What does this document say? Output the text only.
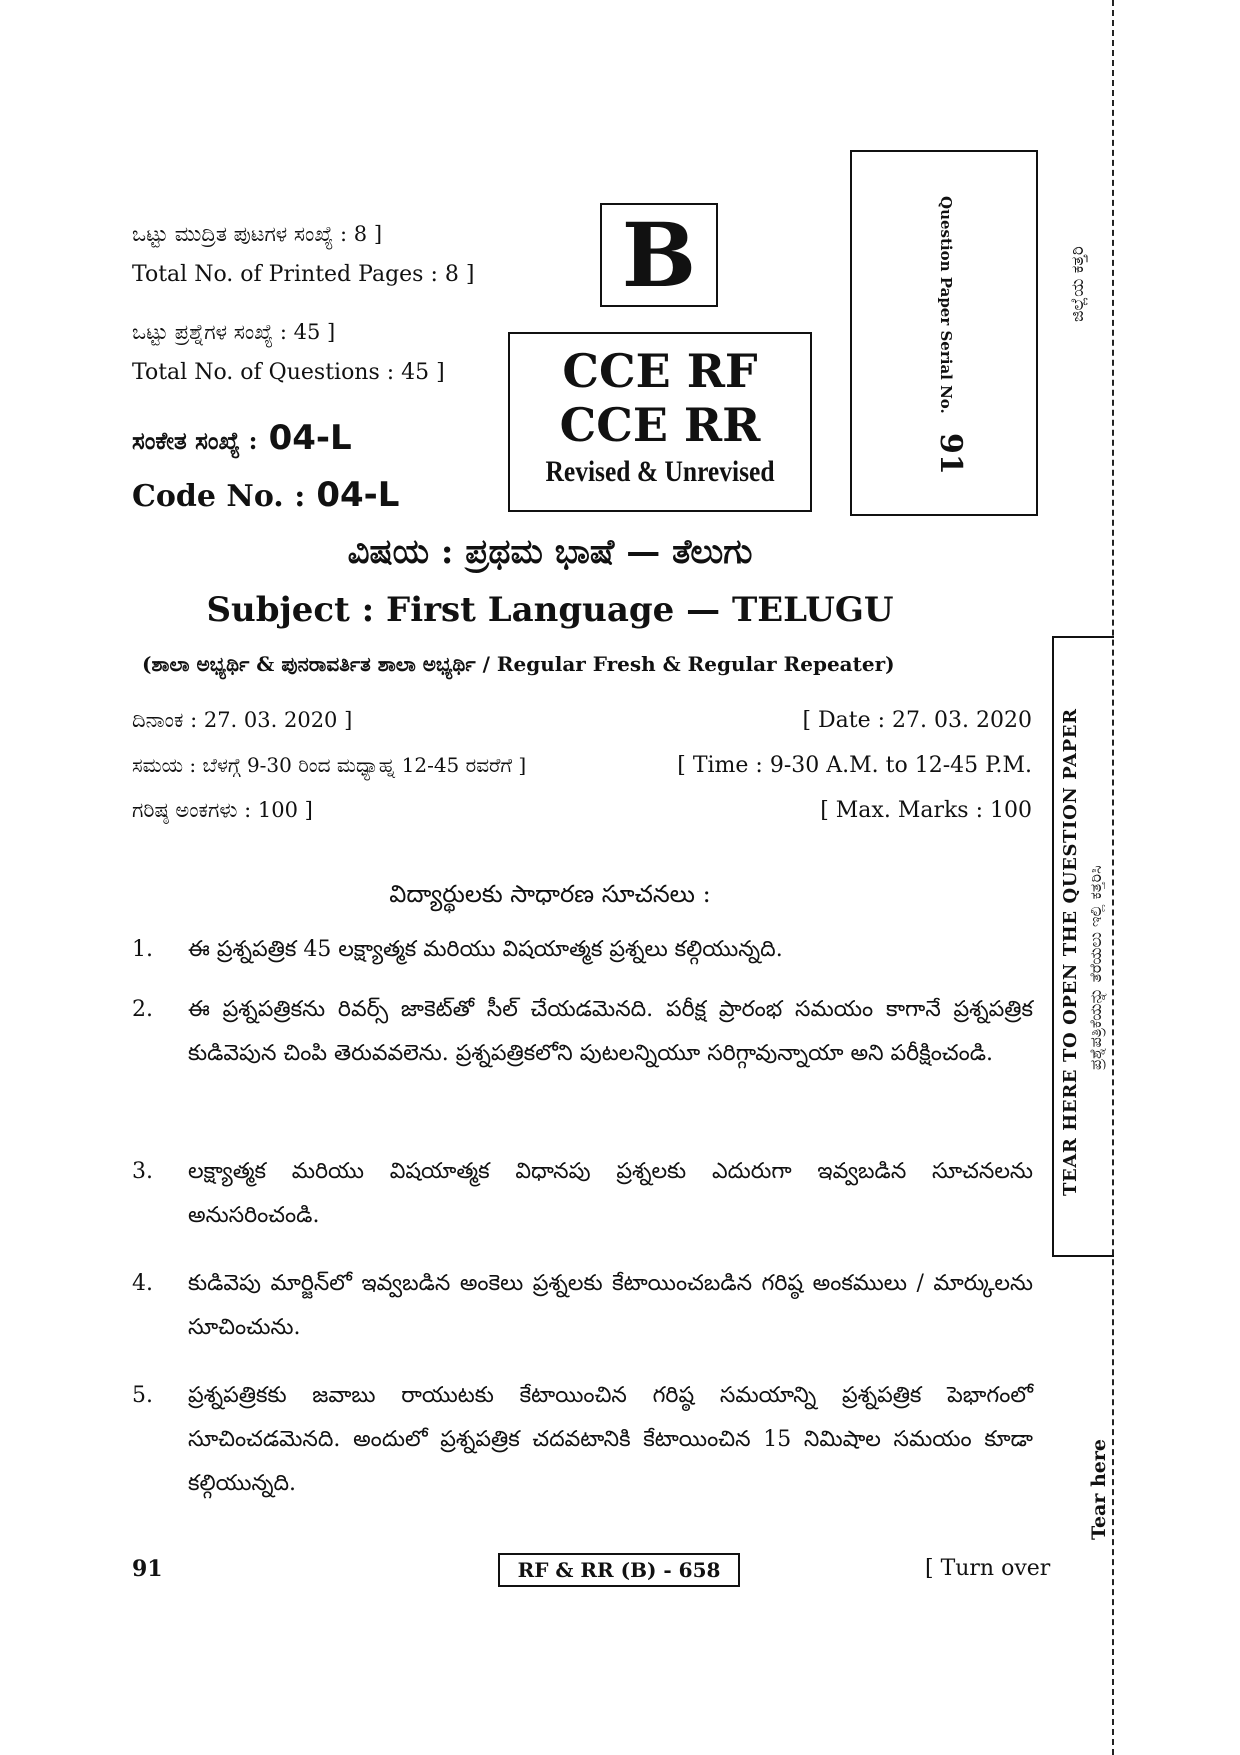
ಒಟ್ಟು ಮುದ್ರಿತ ಪುಟಗಳ ಸಂಖ್ಯೆ : 8 ]
Total No. of Printed Pages : 8 ]
ಒಟ್ಟು ಪ್ರಶ್ನೆಗಳ ಸಂಖ್ಯೆ : 45 ]
Total No. of Questions : 45 ]
ಸಂಕೇತ ಸಂಖ್ಯೆ : 04-L
Code No. : 04-L
B
CCE RF
CCE RR
Revised & Unrevised
Question Paper Serial No. 91
ಜಿಲ್ಲೆಯ ಕತ್ತರಿ
TEAR HERE TO OPEN THE QUESTION PAPER ಪ್ರಶ್ನೆಪತ್ರಿಕೆಯನ್ನು ತೆರೆಯಲು ಇಲ್ಲಿ ಕತ್ತರಿಸಿ
Tear here
ವಿಷಯ : ಪ್ರಥಮ ಭಾಷೆ — ತೆಲುಗು
Subject : First Language — TELUGU
(ಶಾಲಾ ಅಭ್ಯರ್ಥಿ & ಪುನರಾವರ್ತಿತ ಶಾಲಾ ಅಭ್ಯರ್ಥಿ / Regular Fresh & Regular Repeater)
ದಿನಾಂಕ : 27. 03. 2020 ]	[ Date : 27. 03. 2020
ಸಮಯ : ಬೆಳಗ್ಗೆ 9-30 ರಿಂದ ಮಧ್ಯಾಹ್ನ 12-45 ರವರೆಗೆ ]	[ Time : 9-30 A.M. to 12-45 P.M.
ಗರಿಷ್ಠ ಅಂಕಗಳು : 100 ]	[ Max. Marks : 100
విద్యార్థులకు సాధారణ సూచనలు :
1. ఈ ప్రశ్నపత్రిక 45 లక్ష్యాత్మక మరియు విషయాత్మక ప్రశ్నలు కల్గియున్నది.
2. ఈ ప్రశ్నపత్రికను రివర్స్ జాకెట్‌తో సీల్ చేయడమెనది. పరీక్ష ప్రారంభ సమయం కాగానే ప్రశ్నపత్రిక కుడివెపున చింపి తెరువవలెను. ప్రశ్నపత్రికలోని పుటలన్నియూ సరిగ్గావున్నాయా అని పరీక్షించండి.
3. లక్ష్యాత్మక మరియు విషయాత్మక విధానపు ప్రశ్నలకు ఎదురుగా ఇవ్వబడిన సూచనలను అనుసరించండి.
4. కుడివెపు మార్జిన్‌లో ఇవ్వబడిన అంకెలు ప్రశ్నలకు కేటాయించబడిన గరిష్ఠ అంకములు / మార్కులను సూచించును.
5. ప్రశ్నపత్రికకు జవాబు రాయుటకు కేటాయించిన గరిష్ఠ సమయాన్ని ప్రశ్నపత్రిక పెభాగంలో సూచించడమెనది. అందులో ప్రశ్నపత్రిక చదవటానికి కేటాయించిన 15 నిమిషాల సమయం కూడా కల్గియున్నది.
91	RF & RR (B) - 658	[ Turn over
